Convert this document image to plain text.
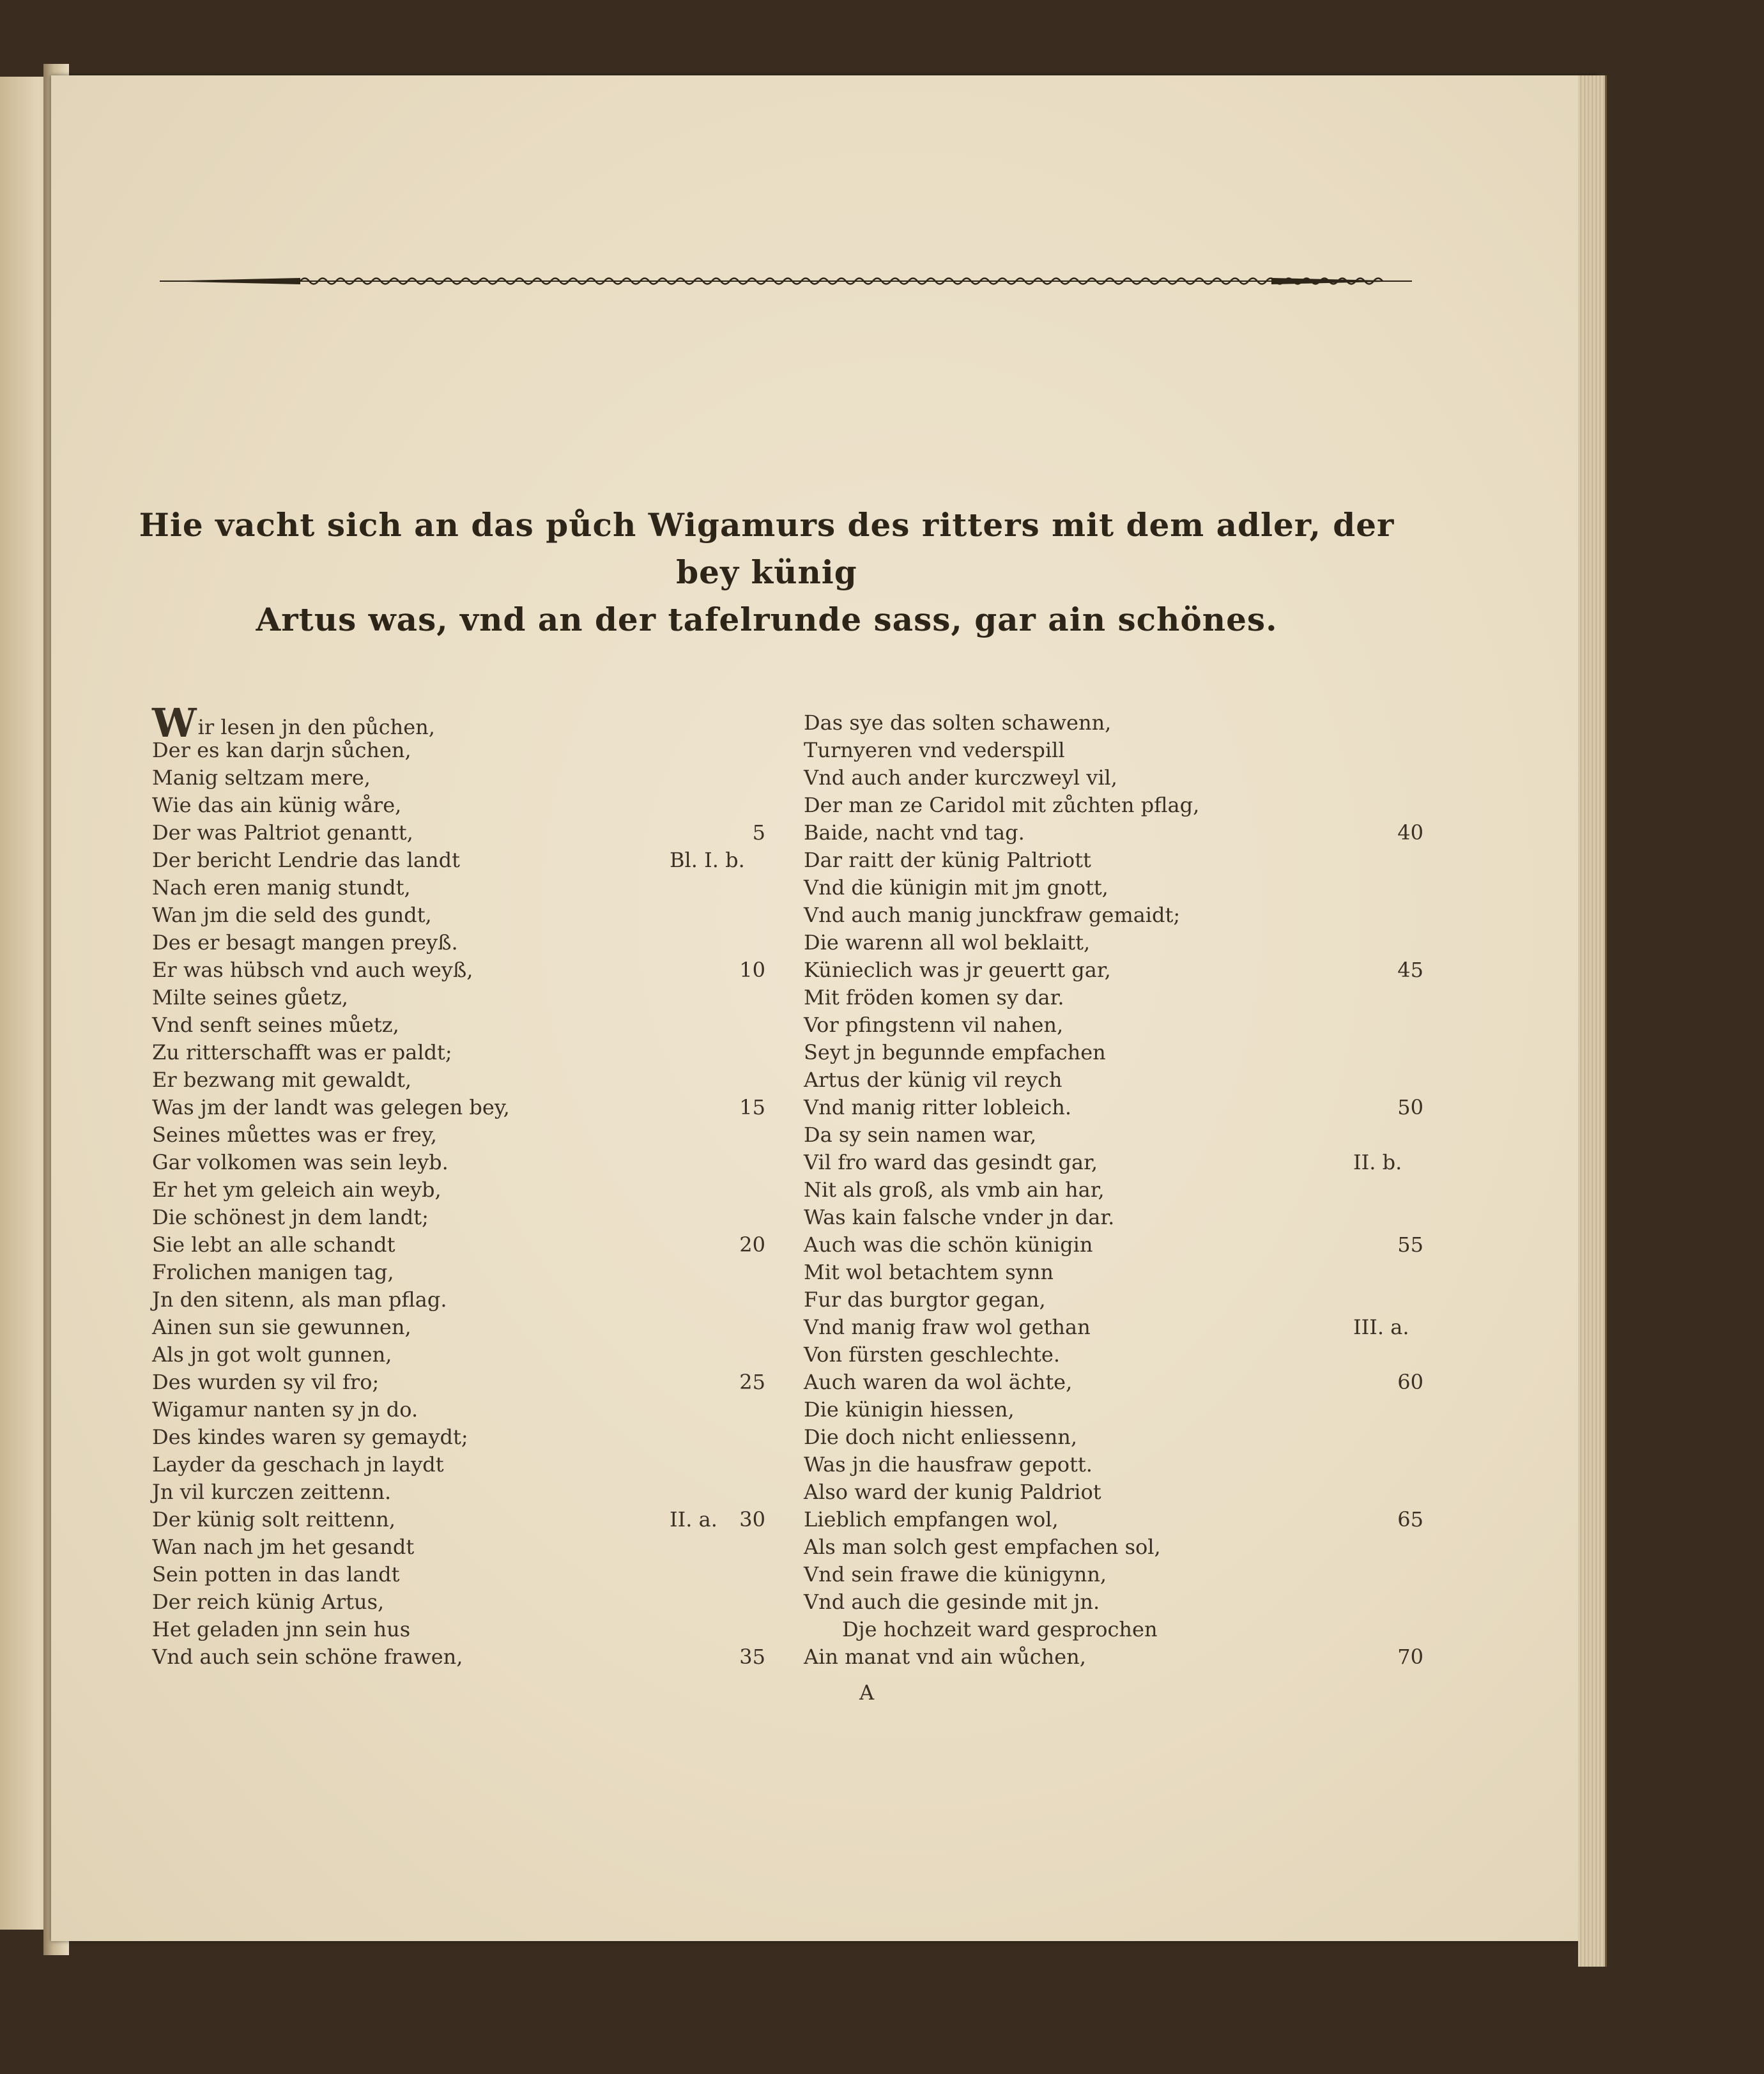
Hie vacht sich an das půch Wigamurs des ritters mit dem adler, der bey künig
Artus was, vnd an der tafelrunde sass, gar ain schönes.
Wir lesen jn den půchen,
Der es kan darjn sůchen,
Manig seltzam mere,
Wie das ain künig wåre,
Der was Paltriot genantt,	5
Der bericht Lendrie das landt	Bl. I. b.
Nach eren manig stundt,
Wan jm die seld des gundt,
Des er besagt mangen preyß.
Er was hübsch vnd auch weyß,	10
Milte seines gůetz,
Vnd senft seines můetz,
Zu ritterschafft was er paldt;
Er bezwang mit gewaldt,
Was jm der landt was gelegen bey,	15
Seines můettes was er frey,
Gar volkomen was sein leyb.
Er het ym geleich ain weyb,
Die schönest jn dem landt;
Sie lebt an alle schandt	20
Frolichen manigen tag,
Jn den sitenn, als man pflag.
Ainen sun sie gewunnen,
Als jn got wolt gunnen,
Des wurden sy vil fro;	25
Wigamur nanten sy jn do.
Des kindes waren sy gemaydt;
Layder da geschach jn laydt
Jn vil kurczen zeittenn.
Der künig solt reittenn,	II. a. 30
Wan nach jm het gesandt
Sein potten in das landt
Der reich künig Artus,
Het geladen jnn sein hus
Vnd auch sein schöne frawen,	35
Das sye das solten schawenn,
Turnyeren vnd vederspill
Vnd auch ander kurczweyl vil,
Der man ze Caridol mit zůchten pflag,
Baide, nacht vnd tag.	40
Dar raitt der künig Paltriott
Vnd die künigin mit jm gnott,
Vnd auch manig junckfraw gemaidt;
Die warenn all wol beklaitt,
Künieclich was jr geuertt gar,	45
Mit fröden komen sy dar.
Vor pfingstenn vil nahen,
Seyt jn begunnde empfachen
Artus der künig vil reych
Vnd manig ritter lobleich.	50
Da sy sein namen war,
Vil fro ward das gesindt gar,	II. b.
Nit als groß, als vmb ain har,
Was kain falsche vnder jn dar.
Auch was die schön künigin	55
Mit wol betachtem synn
Fur das burgtor gegan,
Vnd manig fraw wol gethan	III. a.
Von fürsten geschlechte.
Auch waren da wol ächte,	60
Die künigin hiessen,
Die doch nicht enliessenn,
Was jn die hausfraw gepott.
Also ward der kunig Paldriot
Lieblich empfangen wol,	65
Als man solch gest empfachen sol,
Vnd sein frawe die künigynn,
Vnd auch die gesinde mit jn.
Dje hochzeit ward gesprochen
Ain manat vnd ain wůchen,	70
A
